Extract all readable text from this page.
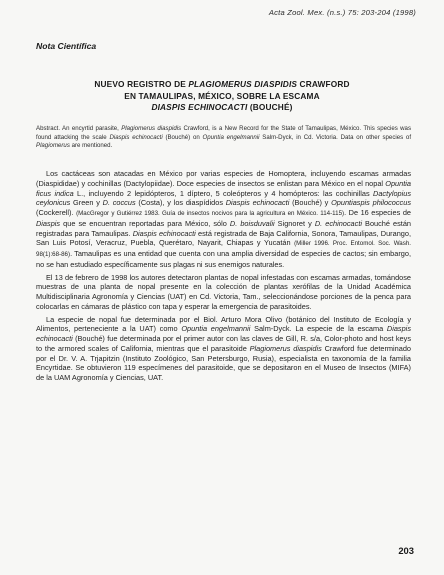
Acta Zool. Mex. (n.s.) 75: 203-204 (1998)
Nota Científica
NUEVO REGISTRO DE PLAGIOMERUS DIASPIDIS CRAWFORD
EN TAMAULIPAS, MÉXICO, SOBRE LA ESCAMA
DIASPIS ECHINOCACTI (BOUCHÉ)
Abstract. An encyrtid parasite, Plagiomerus diaspidis Crawford, is a New Record for the State of Tamaulipas, México. This species was found attacking the scale Diaspis echinocacti (Bouché) on Opuntia engelmannii Salm-Dyck, in Cd. Victoria. Data on other species of Plagiomerus are mentioned.

Los cactáceas son atacadas en México por varias especies de Homoptera, incluyendo escamas armadas (Diaspididae) y cochinillas (Dactylopiidae). Doce especies de insectos se enlistan para México en el nopal Opuntia ficus indica L., incluyendo 2 lepidópteros, 1 díptero, 5 coleópteros y 4 homópteros: las cochinillas Dactylopius ceylonicus Green y D. coccus (Costa), y los diaspídidos Diaspis echinocacti (Bouché) y Opuntiaspis philococcus (Cockerell). (MacGregor y Gutiérrez 1983. Guía de insectos nocivos para la agricultura en México. 114-115). De 16 especies de Diaspis que se encuentran reportadas para México, sólo D. boisduvalii Signoret y D. echinocacti Bouché están registradas para Tamaulipas. Diaspis echinocacti está registrada de Baja California, Sonora, Tamaulipas, Durango, San Luis Potosí, Veracruz, Puebla, Querétaro, Nayarit, Chiapas y Yucatán (Miller 1996. Proc. Entomol. Soc. Wash. 98(1):68-86). Tamaulipas es una entidad que cuenta con una amplia diversidad de especies de cactos; sin embargo, no se han estudiado específicamente sus plagas ni sus enemigos naturales.

El 13 de febrero de 1998 los autores detectaron plantas de nopal infestadas con escamas armadas, tomándose muestras de una planta de nopal presente en la colección de plantas xerófilas de la Unidad Académica Multidisciplinaria Agronomía y Ciencias (UAT) en Cd. Victoria, Tam., seleccionándose porciones de la penca para colocarlas en cámaras de plástico con tapa y esperar la emergencia de parasitoides.

La especie de nopal fue determinada por el Biol. Arturo Mora Olivo (botánico del Instituto de Ecología y Alimentos, perteneciente a la UAT) como Opuntia engelmannii Salm-Dyck. La especie de la escama Diaspis echinocacti (Bouché) fue determinada por el primer autor con las claves de Gill, R. s/a, Color-photo and host keys to the armored scales of California, mientras que el parasitoide Plagiomerus diaspidis Crawford fue determinado por el Dr. V. A. Trjapitzin (Instituto Zoológico, San Petersburgo, Rusia), especialista en taxonomía de la familia Encyrtidae. Se obtuvieron 119 especímenes del parasitoide, que se depositaron en el Museo de Insectos (MIFA) de la UAM Agronomía y Ciencias, UAT.

203
